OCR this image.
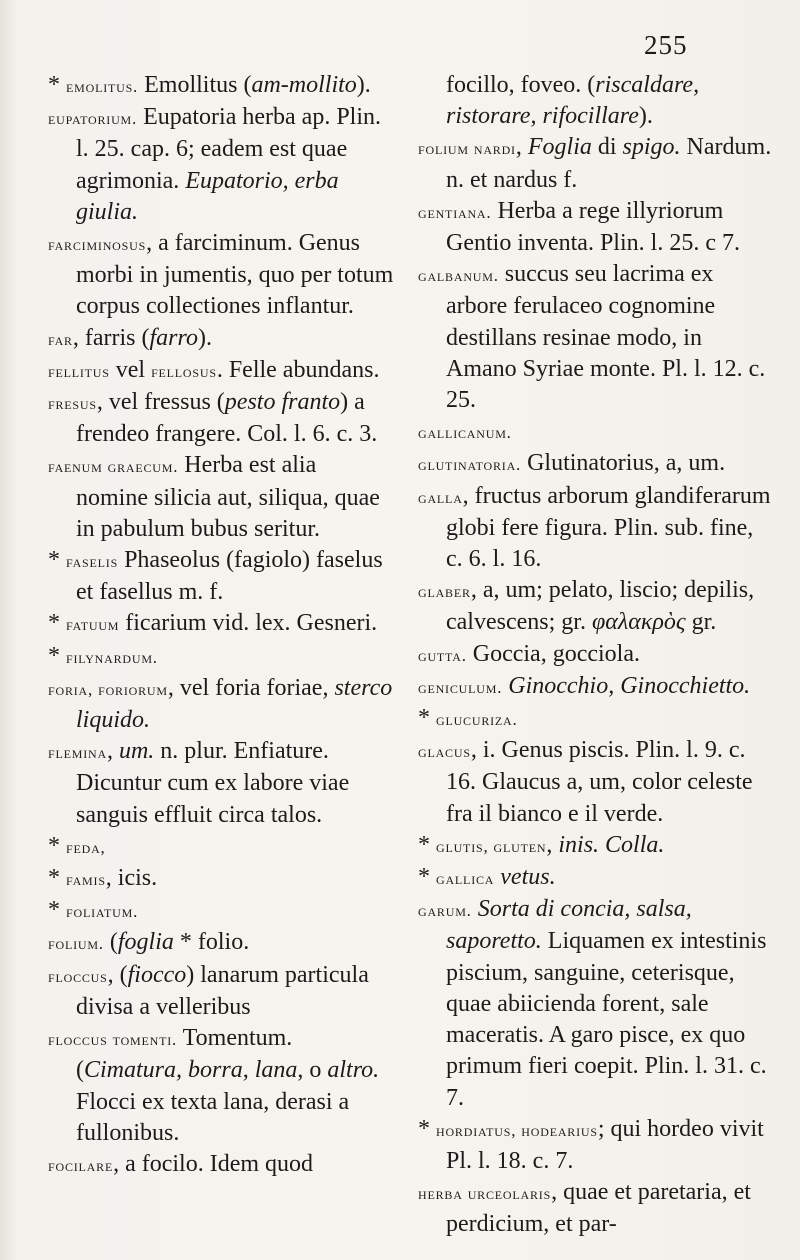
255

* emolitus. Emollitus (am-mollito).

eupatorium. Eupatoria herba ap. Plin. l. 25. cap. 6; eadem est quae agrimonia. Eupatorio, erba giulia.

farciminosus, a farciminum. Genus morbi in jumentis, quo per totum corpus collectiones inflantur.

far, farris (farro).

fellitus vel fellosus. Felle abundans.

fresus, vel fressus (pesto franto) a frendeo frangere. Col. l. 6. c. 3.

faenum graecum. Herba est alia nomine silicia aut, siliqua, quae in pabulum bubus seritur.

* faselis Phaseolus (fagiolo) faselus et fasellus m. f.

* fatuum ficarium vid. lex. Gesneri.

* filynardum.

foria, foriorum, vel foria foriae, sterco liquido.

flemina, um. n. plur. Enfiature. Dicuntur cum ex labore viae sanguis effluit circa talos.

* feda,

* famis, icis.

* foliatum.

folium. (foglia * folio.

floccus, (fiocco) lanarum particula divisa a velleribus

floccus tomenti. Tomentum. (Cimatura, borra, lana, o altro. Flocci ex texta lana, derasi a fullonibus.

focilare, a focilo. Idem quod

focillo, foveo. (riscaldare, ristorare, rifocillare).

folium nardi, Foglia di spigo. Nardum. n. et nardus f.

gentiana. Herba a rege illyriorum Gentio inventa. Plin. l. 25. c 7.

galbanum. succus seu lacrima ex arbore ferulaceo cognomine destillans resinae modo, in Amano Syriae monte. Pl. l. 12. c. 25.

gallicanum.

glutinatoria. Glutinatorius, a, um.

galla, fructus arborum glandiferarum globi fere figura. Plin. sub. fine, c. 6. l. 16.

glaber, a, um; pelato, liscio; depilis, calvescens; gr. φαλακρὸς gr.

gutta. Goccia, gocciola.

geniculum. Ginocchio, Ginocchietto.

* glucuriza.

glacus, i. Genus piscis. Plin. l. 9. c. 16. Glaucus a, um, color celeste fra il bianco e il verde.

* glutis, gluten, inis. Colla.

* gallica vetus.

garum. Sorta di concia, salsa, saporetto. Liquamen ex intestinis piscium, sanguine, ceterisque, quae abiicienda forent, sale maceratis. A garo pisce, ex quo primum fieri coepit. Plin. l. 31. c. 7.

* hordiatus, hodearius; qui hordeo vivit Pl. l. 18. c. 7.

herba urceolaris, quae et paretaria, et perdicium, et par-
